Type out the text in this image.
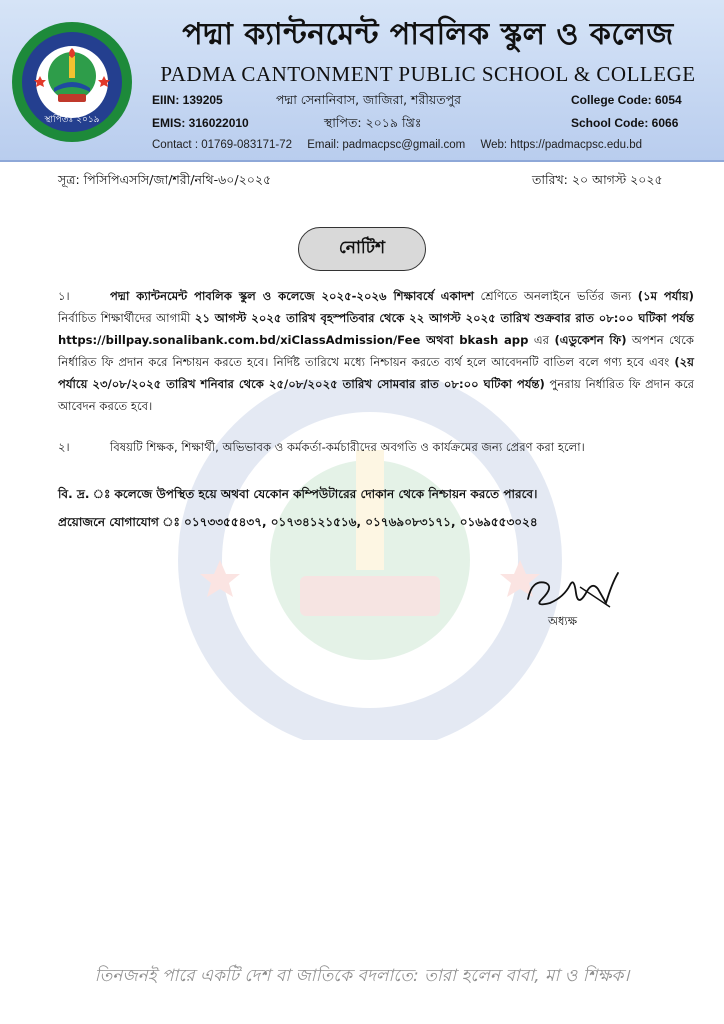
স্থাপিতঃ ২০১৯
পদ্মা ক্যান্টনমেন্ট পাবলিক স্কুল ও কলেজ
PADMA CANTONMENT PUBLIC SCHOOL & COLLEGE
EIIN: 139205
EMIS: 316022010
পদ্মা সেনানিবাস, জাজিরা, শরীয়তপুর
স্থাপিত: ২০১৯ খ্রিঃ
College Code: 6054
School Code: 6066
Contact : 01769-083171-72 Email: padmacpsc@gmail.com Web: https://padmacpsc.edu.bd
সূত্র: পিসিপিএসসি/জা/শরী/নথি-৬০/২০২৫	তারিখ: ২০ আগস্ট ২০২৫
নোটিশ
১।	পদ্মা ক্যান্টনমেন্ট পাবলিক স্কুল ও কলেজে ২০২৫-২০২৬ শিক্ষাবর্ষে একাদশ শ্রেণিতে অনলাইনে ভর্তির জন্য (১ম পর্যায়) নির্বাচিত শিক্ষার্থীদের আগামী ২১ আগস্ট ২০২৫ তারিখ বৃহস্পতিবার থেকে ২২ আগস্ট ২০২৫ তারিখ শুক্রবার রাত ০৮:০০ ঘটিকা পর্যন্ত https://billpay.sonalibank.com.bd/xiClassAdmission/Fee অথবা bkash app এর (এডুকেশন ফি) অপশন থেকে নির্ধারিত ফি প্রদান করে নিশ্চায়ন করতে হবে। নির্দিষ্ট তারিখে মধ্যে নিশ্চায়ন করতে ব্যর্থ হলে আবেদনটি বাতিল বলে গণ্য হবে এবং (২য় পর্যায়ে ২৩/০৮/২০২৫ তারিখ শনিবার থেকে ২৫/০৮/২০২৫ তারিখ সোমবার রাত ০৮:০০ ঘটিকা পর্যন্ত) পুনরায় নির্ধারিত ফি প্রদান করে আবেদন করতে হবে।
২।	বিষয়টি শিক্ষক, শিক্ষার্থী, অভিভাবক ও কর্মকর্তা-কর্মচারীদের অবগতি ও কার্যক্রমের জন্য প্রেরণ করা হলো।
বি. দ্র. ঃ কলেজে উপস্থিত হয়ে অথবা যেকোন কম্পিউটারের দোকান থেকে নিশ্চায়ন করতে পারবে।
প্রয়োজনে যোগাযোগ ঃ ০১৭৩৩৫৫৪৩৭, ০১৭৩৪১২১৫১৬, ০১৭৬৯০৮৩১৭১, ০১৬৯৫৫৩০২৪
অধ্যক্ষ
তিনজনই পারে একটি দেশ বা জাতিকে বদলাতে: তারা হলেন বাবা, মা ও শিক্ষক।
